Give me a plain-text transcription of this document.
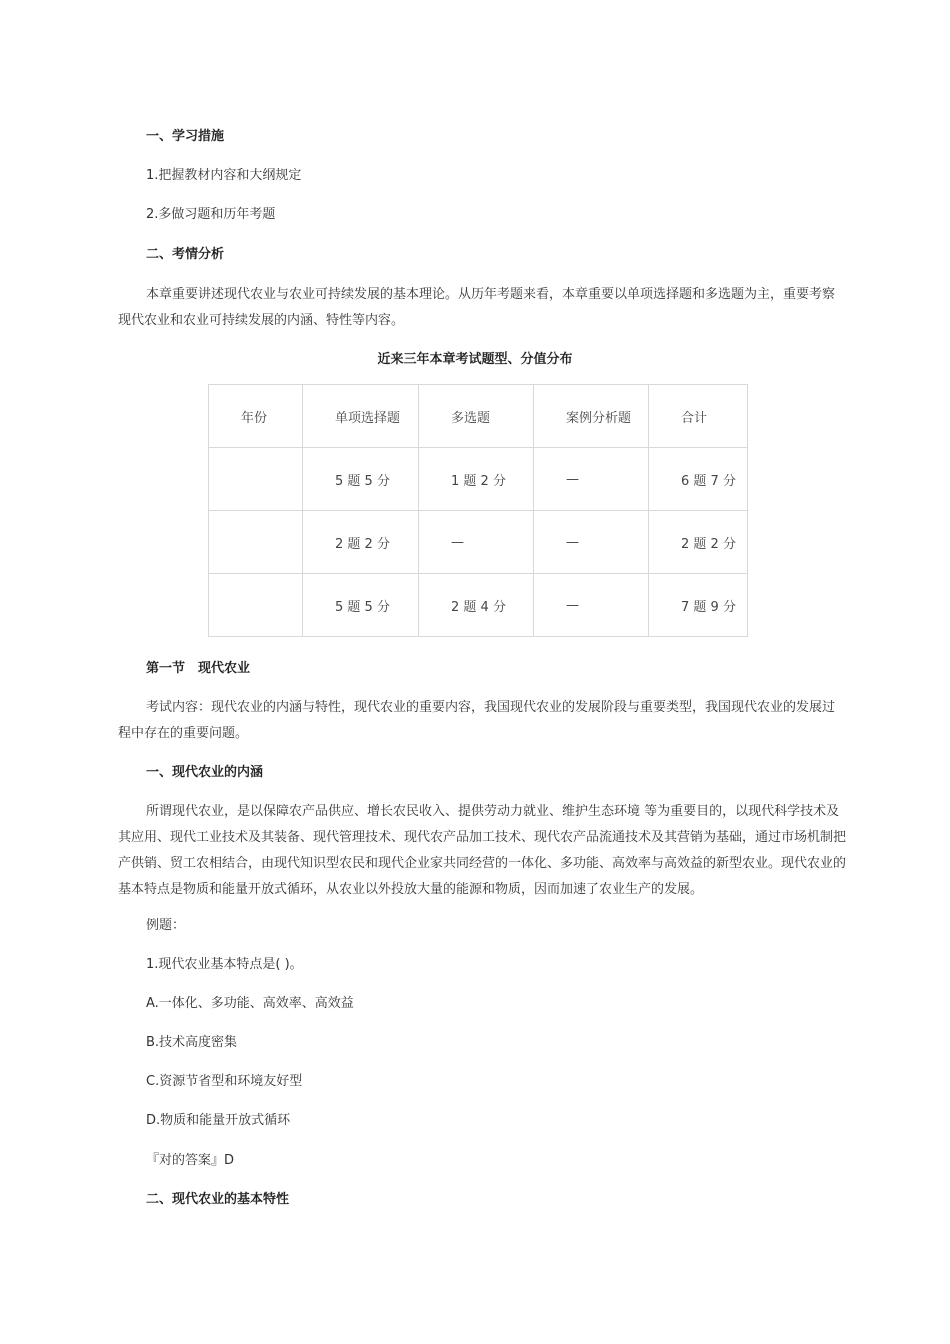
一、学习措施

1.把握教材内容和大纲规定

2.多做习题和历年考题

二、考情分析

本章重要讲述现代农业与农业可持续发展的基本理论。从历年考题来看，本章重要以单项选择题和多选题为主，重要考察现代农业和农业可持续发展的内涵、特性等内容。

近来三年本章考试题型、分值分布
年份	单项选择题	多选题	案例分析题	合计
	5 题 5 分	1 题 2 分	—	6 题 7 分
	2 题 2 分	—	—	2 题 2 分
	5 题 5 分	2 题 4 分	—	7 题 9 分

第一节　现代农业

考试内容：现代农业的内涵与特性，现代农业的重要内容，我国现代农业的发展阶段与重要类型，我国现代农业的发展过程中存在的重要问题。

一、现代农业的内涵

所谓现代农业，是以保障农产品供应、增长农民收入、提供劳动力就业、维护生态环境 等为重要目的，以现代科学技术及其应用、现代工业技术及其装备、现代管理技术、现代农产品加工技术、现代农产品流通技术及其营销为基础，通过市场机制把产供销、贸工农相结合，由现代知识型农民和现代企业家共同经营的一体化、多功能、高效率与高效益的新型农业。现代农业的基本特点是物质和能量开放式循环，从农业以外投放大量的能源和物质，因而加速了农业生产的发展。

例题：

1.现代农业基本特点是( )。

A.一体化、多功能、高效率、高效益

B.技术高度密集

C.资源节省型和环境友好型

D.物质和能量开放式循环

『对的答案』D

二、现代农业的基本特性
